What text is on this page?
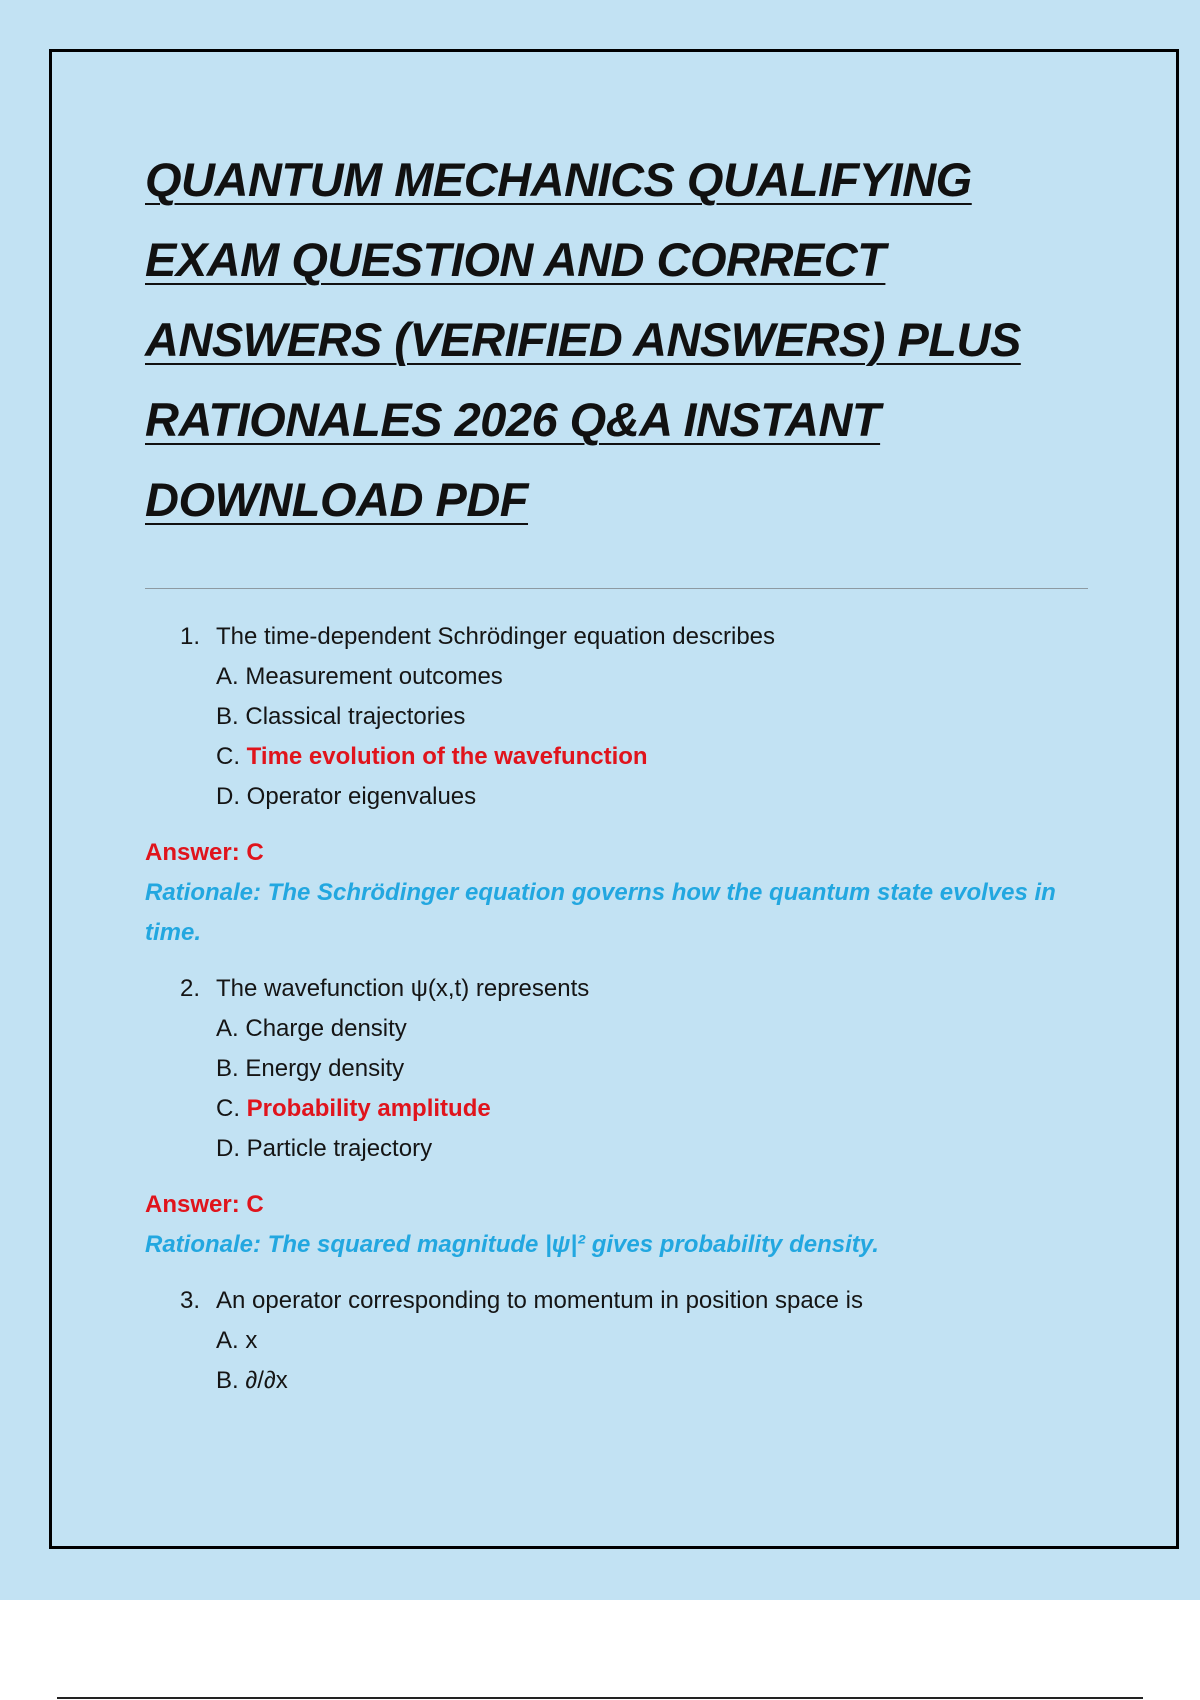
QUANTUM MECHANICS QUALIFYING
EXAM QUESTION AND CORRECT
ANSWERS (VERIFIED ANSWERS) PLUS
RATIONALES 2026 Q&A INSTANT
DOWNLOAD PDF
1. The time-dependent Schrödinger equation describes
A. Measurement outcomes
B. Classical trajectories
C. Time evolution of the wavefunction
D. Operator eigenvalues
Answer: C
Rationale: The Schrödinger equation governs how the quantum state evolves in time.
2. The wavefunction ψ(x,t) represents
A. Charge density
B. Energy density
C. Probability amplitude
D. Particle trajectory
Answer: C
Rationale: The squared magnitude |ψ|² gives probability density.
3. An operator corresponding to momentum in position space is
A. x
B. ∂/∂x
